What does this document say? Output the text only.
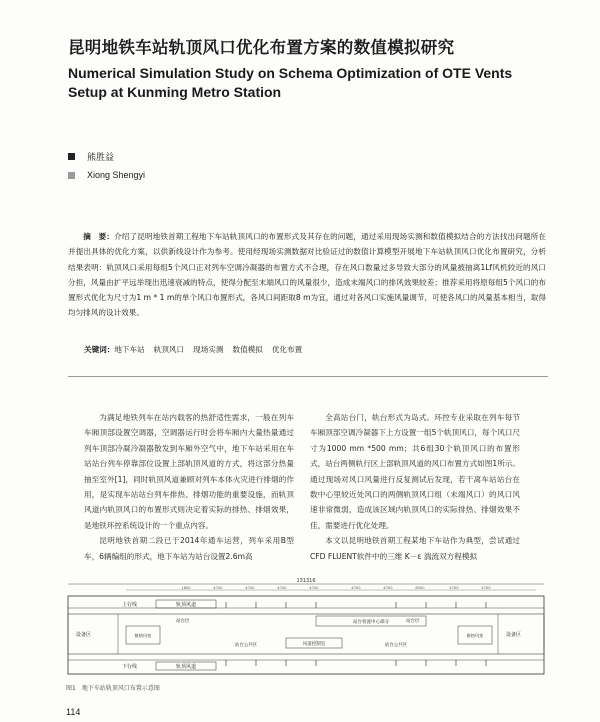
昆明地铁车站轨顶风口优化布置方案的数值模拟研究
Numerical Simulation Study on Schema Optimization of OTE Vents Setup at Kunming Metro Station
熊胜益
Xiong Shengyi
摘　要：介绍了昆明地铁首期工程地下车站轨顶风口的布置形式及其存在的问题，通过采用现场实测和数值模拟结合的方法找出问题所在并提出具体的优化方案，以供新线设计作为参考。使用经现场实测数据对比验证过的数值计算模型开展地下车站轨顶风口优化布置研究，分析结果表明：轨顶风口采用每组5个风口正对列车空调冷凝器的布置方式不合理，存在风口数量过多导致大部分的风量被抽离1Lf风机较近的风口分担，风量由扩平远举现出迅速衰减的特点，使得分配至末端风口的风量很少，造成末端风口的排风效果较差；推荐采用将原每组5个风口的布置形式优化为尺寸为1 m * 1 m的单个风口布置形式，各风口间距取8 m为宜，通过对各风口实施风量调节，可使各风口的风量基本相当，取得均匀排风的设计效果。
关键词：地下车站 轨顶风口 现场实测 数值模拟 优化布置

为满足地铁列车在站内载客的热舒适性需求，一般在列车车厢顶部设置空调器，空调器运行时会将车厢内大量热量通过列车顶部冷凝冷凝器散发到车厢外空气中，地下车站采用在车站站台列车停靠部位设置上部轨顶风道的方式，将这部分热量抽至室外[1]，同时轨顶风道兼顾对列车本体火灾进行排烟的作用，是实现车站站台列车排热、排烟功能的重要设施，而轨顶风道内轨顶风口的布置形式则决定着实际的排热、排烟效果，是地铁环控系统设计的一个重点内容。

昆明地铁首期二段已于2014年通车运营，列车采用B型车，6辆编组的形式，地下车站为站台设置2.6m高

全高站台门，轨台形式为岛式。环控专业采取在列车每节车厢顶部空调冷凝器下上方设置一组5个轨顶风口，每个风口尺寸为1000 mm *500 mm；共6组30个轨顶风口的布置形式，站台两侧轨行区上部轨顶风道的风口布置方式如图1所示。通过现场对风口风量进行反复测试后发现，若干离车站站台在数中心里较近处风口的两侧轨顶风口组（末端风口）的风口风速非常微弱，造成该区域内轨顶风口的实际排热、排烟效果不佳，需要进行优化处理。

本文以昆明地铁首期工程某地下车站作为典型，尝试通过CFD FLUENT软件中的三维 K－ε 湍流双方程模拟

131316
1800	4700	4700	4700	4700	4700	4700	8500	4700	4700
上行线	轨顶风道
设备区	设备区
排热风室	排热风室
站台层	站台层
站台客流中心部分
站台公共区	风道控制室	站台公共区
下行线	轨顶风道
图1　地下车站轨顶风口布置示意图
114
